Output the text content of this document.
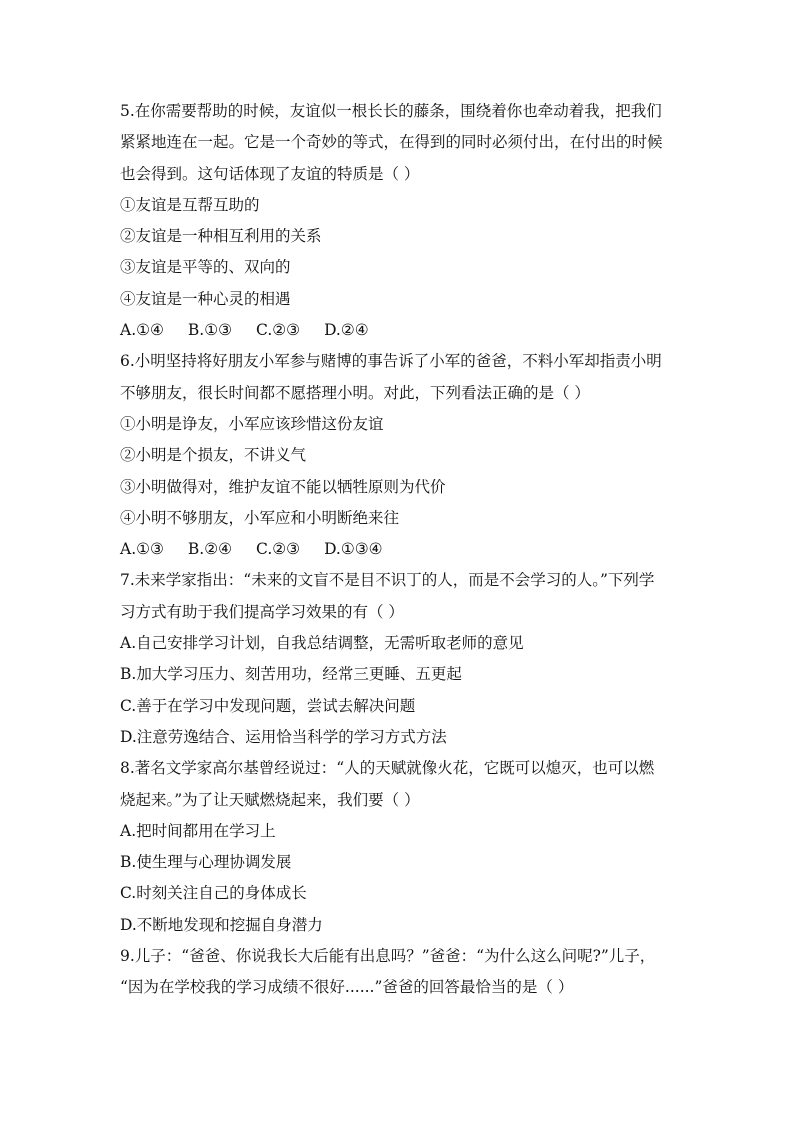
5.在你需要帮助的时候，友谊似一根长长的藤条，围绕着你也牵动着我，把我们
紧紧地连在一起。它是一个奇妙的等式，在得到的同时必须付出，在付出的时候
也会得到。这句话体现了友谊的特质是（ ）
①友谊是互帮互助的
②友谊是一种相互利用的关系
③友谊是平等的、双向的
④友谊是一种心灵的相遇
A.①④ B.①③ C.②③ D.②④
6.小明坚持将好朋友小军参与赌博的事告诉了小军的爸爸，不料小军却指责小明
不够朋友，很长时间都不愿搭理小明。对此，下列看法正确的是（ ）
①小明是诤友，小军应该珍惜这份友谊
②小明是个损友，不讲义气
③小明做得对，维护友谊不能以牺牲原则为代价
④小明不够朋友，小军应和小明断绝来往
A.①③ B.②④ C.②③ D.①③④
7.未来学家指出：“未来的文盲不是目不识丁的人，而是不会学习的人。”下列学
习方式有助于我们提高学习效果的有（ ）
A.自己安排学习计划，自我总结调整，无需听取老师的意见
B.加大学习压力、刻苦用功，经常三更睡、五更起
C.善于在学习中发现问题，尝试去解决问题
D.注意劳逸结合、运用恰当科学的学习方式方法
8.著名文学家高尔基曾经说过：“人的天赋就像火花，它既可以熄灭，也可以燃
烧起来。”为了让天赋燃烧起来，我们要（ ）
A.把时间都用在学习上
B.使生理与心理协调发展
C.时刻关注自己的身体成长
D.不断地发现和挖掘自身潜力
9.儿子：“爸爸、你说我长大后能有出息吗？”爸爸：“为什么这么问呢?”儿子，
“因为在学校我的学习成绩不很好......”爸爸的回答最恰当的是（ ）
